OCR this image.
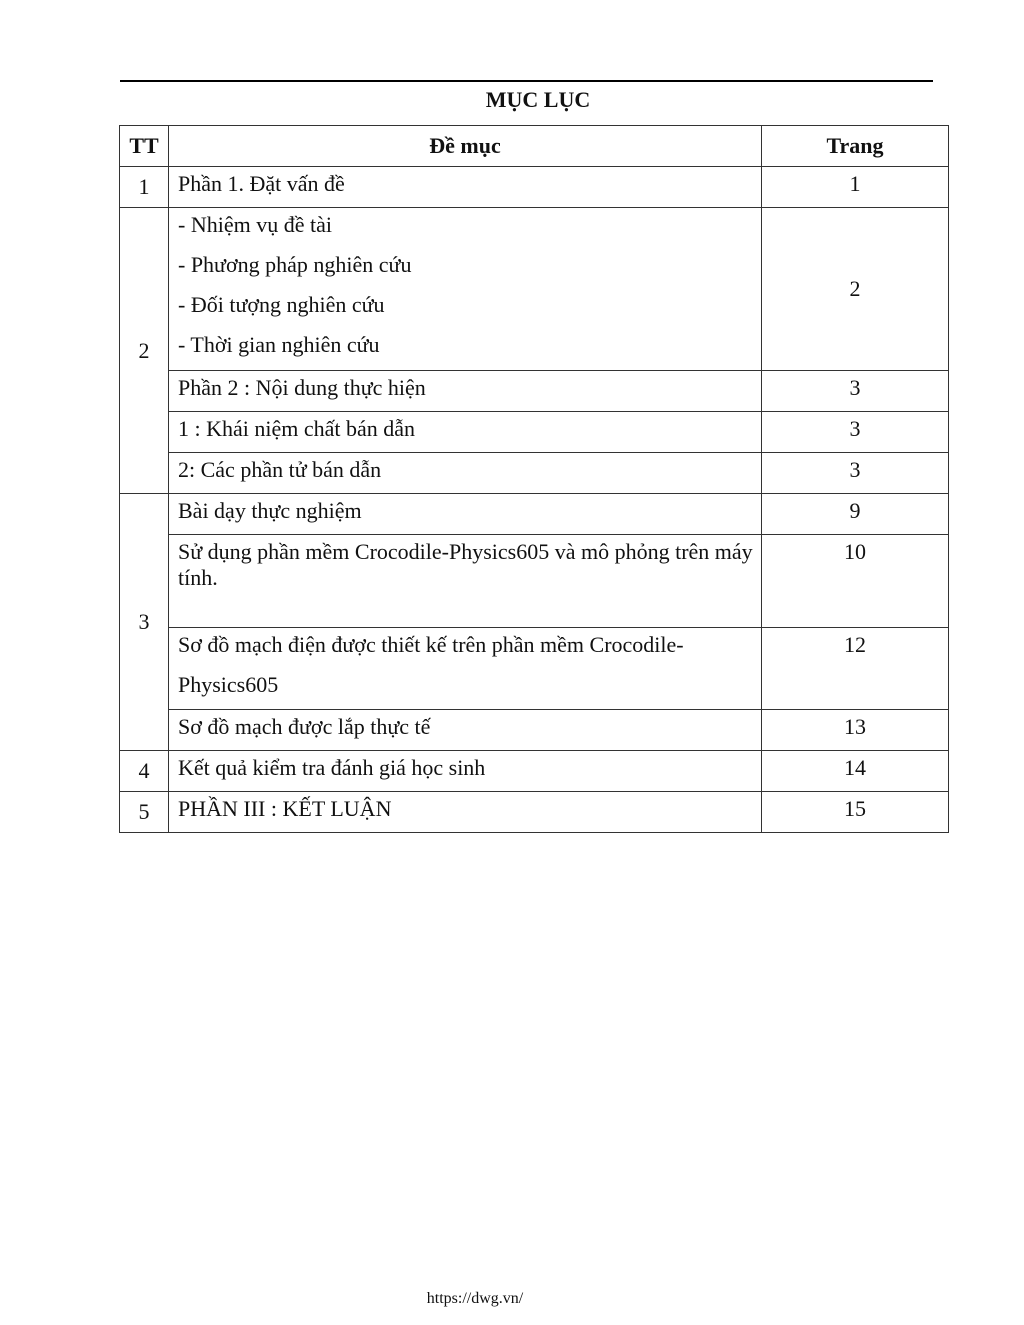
MỤC LỤC
TT	Đề mục	Trang
1	Phần 1. Đặt vấn đề	1
2	- Nhiệm vụ đề tài
- Phương pháp nghiên cứu
- Đối tượng nghiên cứu
- Thời gian nghiên cứu	2
	Phần 2 : Nội dung thực hiện	3
	1 : Khái niệm chất bán dẫn	3
	2: Các phần tử bán dẫn	3
3	Bài dạy thực nghiệm	9
	Sử dụng phần mềm Crocodile-Physics605 và mô phỏng trên máy tính.	10

	Sơ đồ mạch điện được thiết kế trên phần mềm Crocodile-
Physics605	12
	Sơ đồ mạch được lắp thực tế	13
4	Kết quả kiểm tra đánh giá học sinh	14
5	PHẦN III : KẾT LUẬN	15
https://dwg.vn/
